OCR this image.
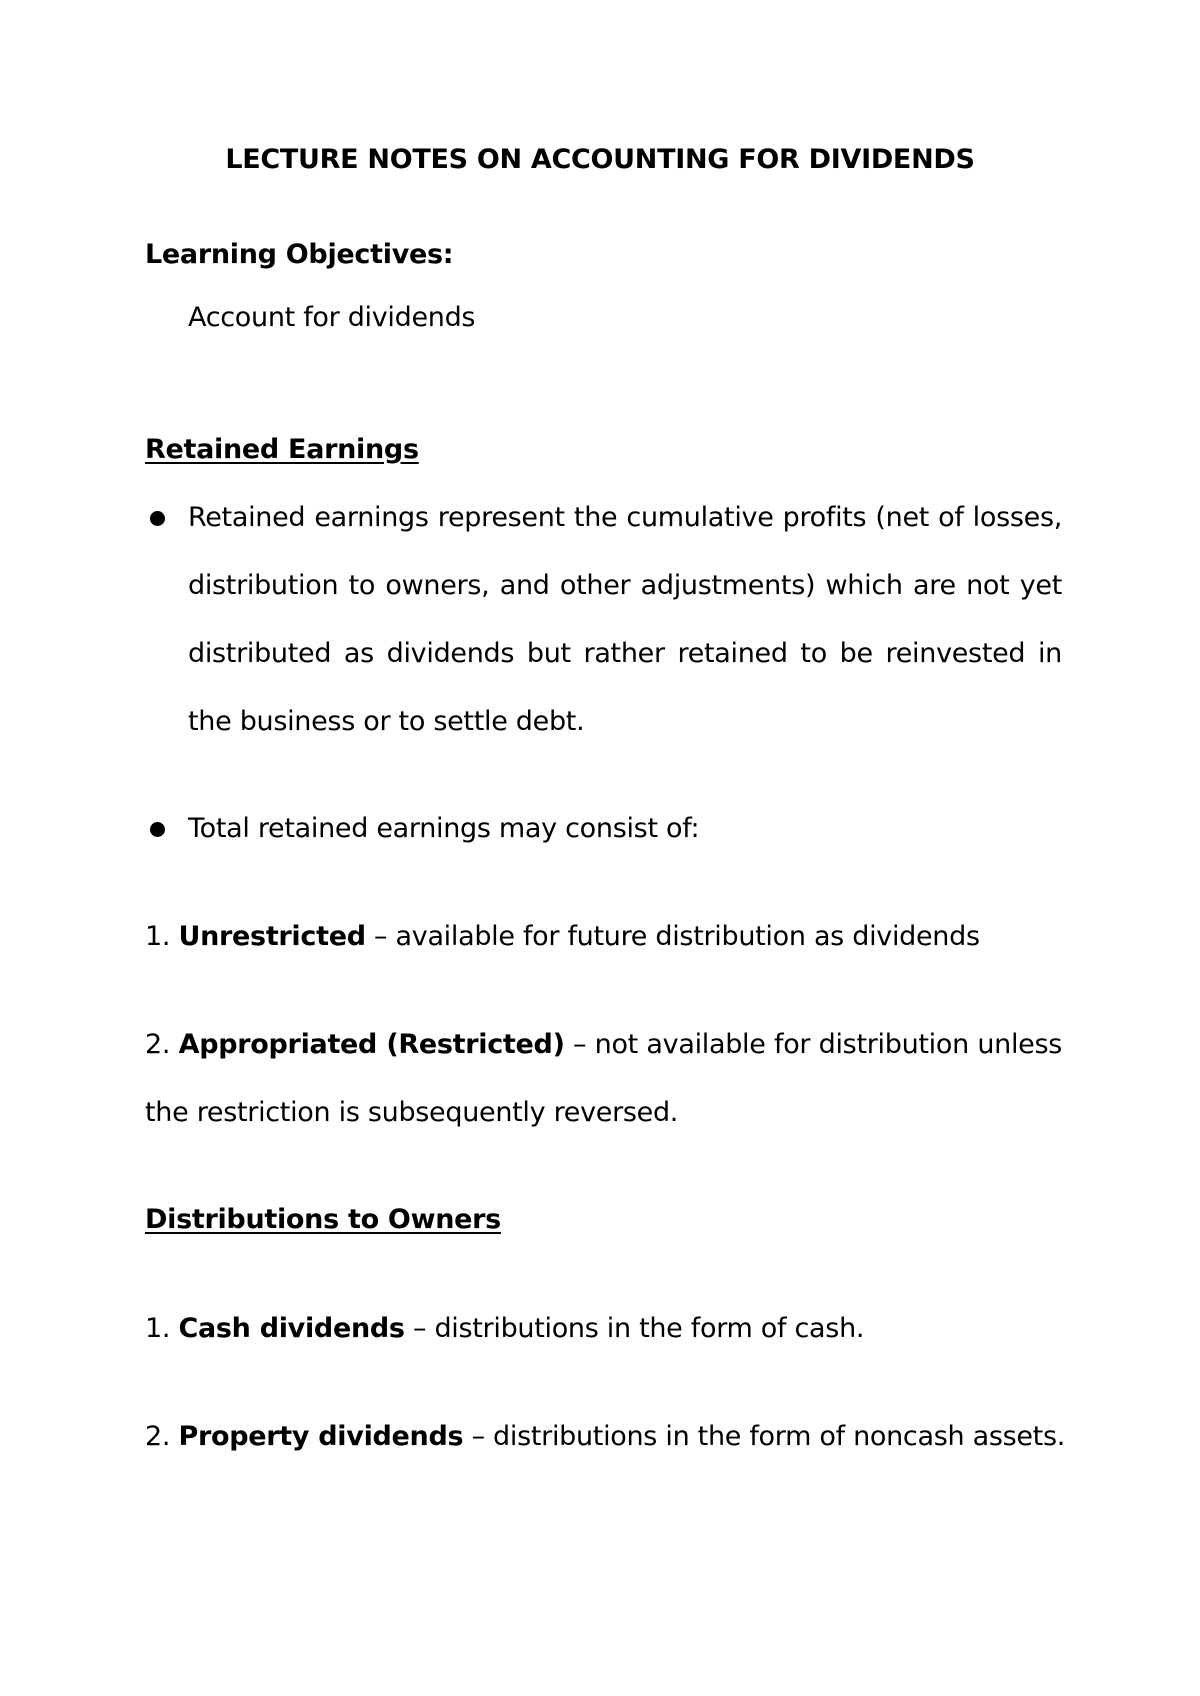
LECTURE NOTES ON ACCOUNTING FOR DIVIDENDS
Learning Objectives:

Account for dividends

Retained Earnings

Retained earnings represent the cumulative profits (net of losses, distribution to owners, and other adjustments) which are not yet distributed as dividends but rather retained to be reinvested in the business or to settle debt.

Total retained earnings may consist of:

1. Unrestricted – available for future distribution as dividends

2. Appropriated (Restricted) – not available for distribution unless the restriction is subsequently reversed.

Distributions to Owners

1. Cash dividends – distributions in the form of cash.

2. Property dividends – distributions in the form of noncash assets.
